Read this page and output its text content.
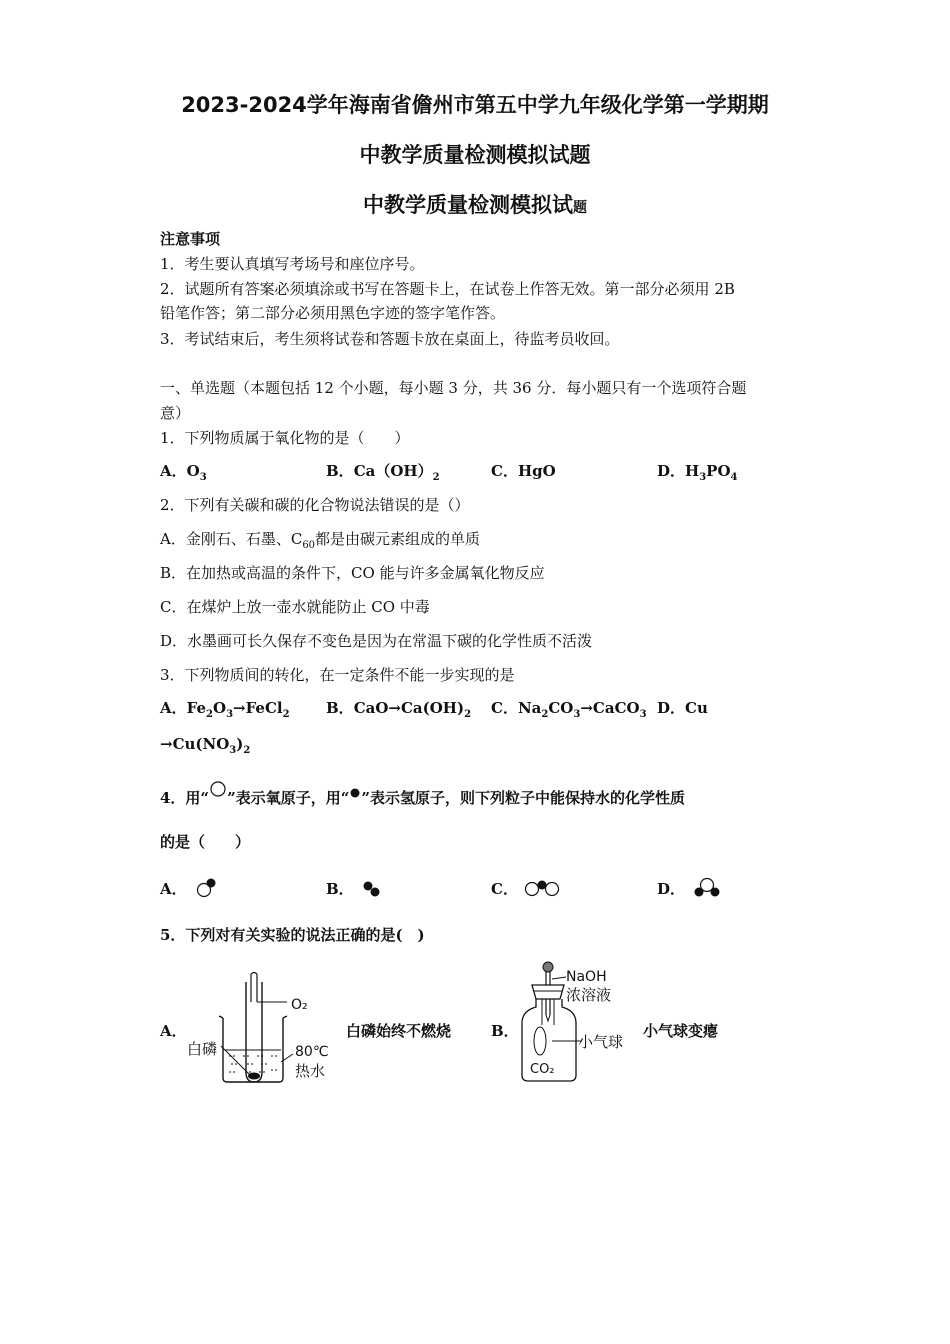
2023-2024学年海南省儋州市第五中学九年级化学第一学期期
中教学质量检测模拟试题
中教学质量检测模拟试题
注意事项
1．考生要认真填写考场号和座位序号。
2．试题所有答案必须填涂或书写在答题卡上，在试卷上作答无效。第一部分必须用 2B
铅笔作答；第二部分必须用黑色字迹的签字笔作答。
3．考试结束后，考生须将试卷和答题卡放在桌面上，待监考员收回。
一、单选题（本题包括 12 个小题，每小题 3 分，共 36 分．每小题只有一个选项符合题
意）
1．下列物质属于氧化物的是（　　）
A．$O_3$	B．$Ca(OH)_2$	C．HgO	D．$H_3PO_4$
2．下列有关碳和碳的化合物说法错误的是（）
A．金刚石、石墨、$C_{60}$都是由碳元素组成的单质
B．在加热或高温的条件下，CO 能与许多金属氧化物反应
C．在煤炉上放一壶水就能防止 CO 中毒
D．水墨画可长久保存不变色是因为在常温下碳的化学性质不活泼
3．下列物质间的转化，在一定条件不能一步实现的是
A．$Fe_2O_3\to FeCl_2$ B．$CaO\to Ca(OH)_2$ C．$Na_2CO_3\to CaCO_3$ D．Cu
$\to Cu(NO_3)_2$
4．用“ ”表示氧原子，用“ ”表示氢原子，则下列粒子中能保持水的化学性质
的是（　　）
A．	B．	C．	D．
5．下列对有关实验的说法正确的是(　)
A．
O₂
白磷	80℃
热水
白磷始终不燃烧	B．
NaOH
浓溶液
小气球
CO₂
小气球变瘪
